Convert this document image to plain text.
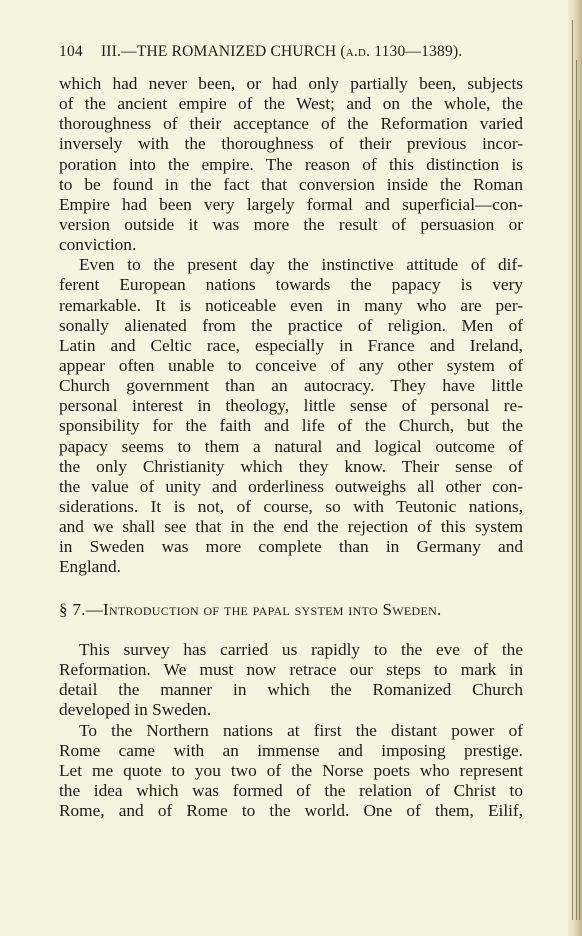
104 III.—THE ROMANIZED CHURCH (a.d. 1130—1389).
which had never been, or had only partially been, subjects
of the ancient empire of the West; and on the whole, the
thoroughness of their acceptance of the Reformation varied
inversely with the thoroughness of their previous incor-
poration into the empire. The reason of this distinction is
to be found in the fact that conversion inside the Roman
Empire had been very largely formal and superficial—con-
version outside it was more the result of persuasion or
conviction.
Even to the present day the instinctive attitude of dif-
ferent European nations towards the papacy is very
remarkable. It is noticeable even in many who are per-
sonally alienated from the practice of religion. Men of
Latin and Celtic race, especially in France and Ireland,
appear often unable to conceive of any other system of
Church government than an autocracy. They have little
personal interest in theology, little sense of personal re-
sponsibility for the faith and life of the Church, but the
papacy seems to them a natural and logical outcome of
the only Christianity which they know. Their sense of
the value of unity and orderliness outweighs all other con-
siderations. It is not, of course, so with Teutonic nations,
and we shall see that in the end the rejection of this system
in Sweden was more complete than in Germany and
England.
§ 7.—Introduction of the papal system into Sweden.
This survey has carried us rapidly to the eve of the
Reformation. We must now retrace our steps to mark in
detail the manner in which the Romanized Church
developed in Sweden.
To the Northern nations at first the distant power of
Rome came with an immense and imposing prestige.
Let me quote to you two of the Norse poets who represent
the idea which was formed of the relation of Christ to
Rome, and of Rome to the world. One of them, Eilif,
